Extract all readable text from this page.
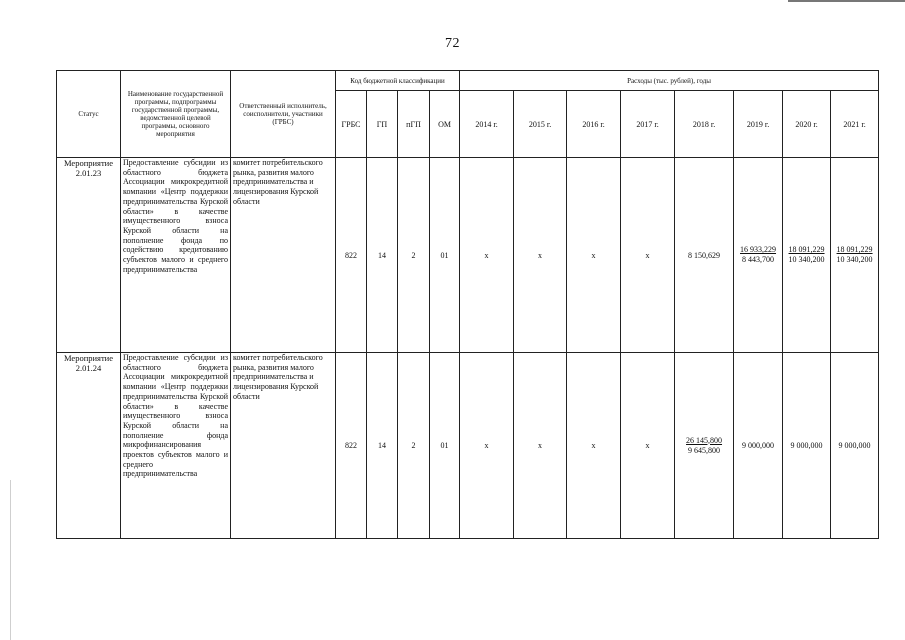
72
Статус	Наименование государственной программы, подпрограммы государственной программы, ведомственной целевой программы, основного мероприятия	Ответственный исполнитель, соисполнители, участники (ГРБС)	Код бюджетной классификации				Расходы (тыс. рублей), годы							
			ГРБС	ГП	пГП	ОМ	2014 г.	2015 г.	2016 г.	2017 г.	2018 г.	2019 г.	2020 г.	2021 г.
Мероприятие 2.01.23	Предоставление субсидии из областного бюджета Ассоциации микрокредитной компании «Центр поддержки предпринимательства Курской области» в качестве имущественного взноса Курской области на пополнение фонда по содействию кредитованию субъектов малого и среднего предпринимательства	комитет потребительского рынка, развития малого предпринимательства и лицензирования Курской области	822	14	2	01	x	x	x	x	8 150,629	$\frac{16 933,229}{8 443,700}$	$\frac{18 091,229}{10 340,200}$	$\frac{18 091,229}{10 340,200}$

Мероприятие 2.01.24	Предоставление субсидии из областного бюджета Ассоциации микрокредитной компании «Центр поддержки предпринимательства Курской области» в качестве имущественного взноса Курской области на пополнение фонда микрофинансирования проектов субъектов малого и среднего предпринимательства	комитет потребительского рынка, развития малого предпринимательства и лицензирования Курской области	822	14	2	01	x	x	x	x	$\frac{26 145,800}{9 645,800}$	9 000,000	9 000,000	9 000,000
